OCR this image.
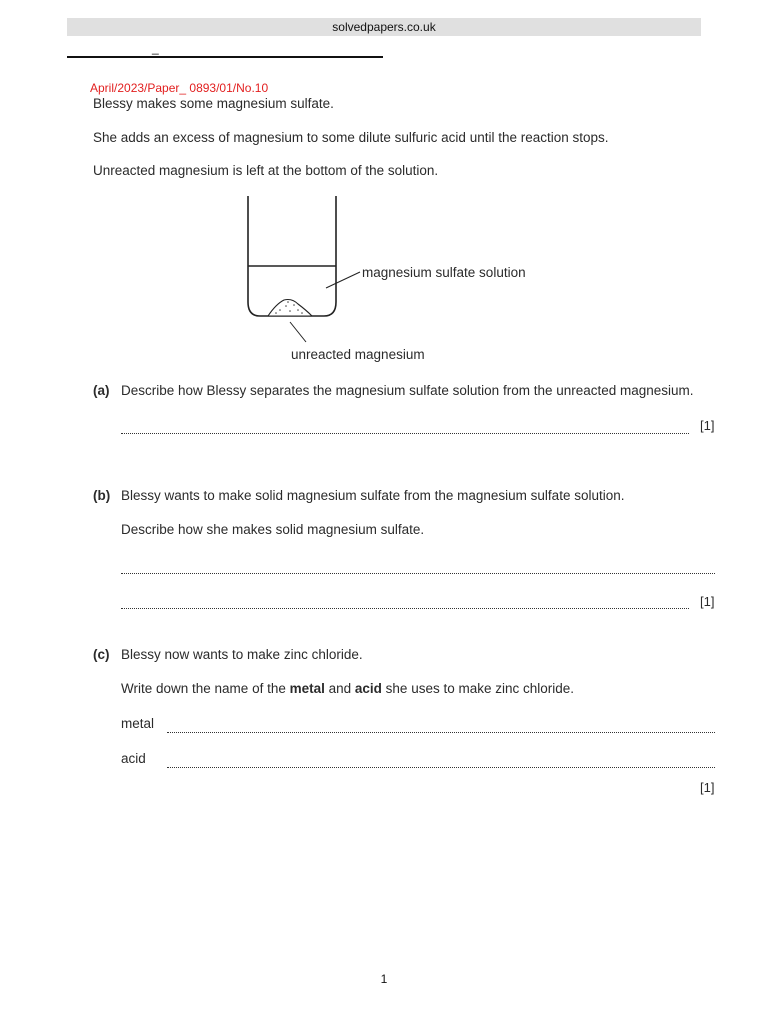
solvedpapers.co.uk
_
April/2023/Paper_ 0893/01/No.10
Blessy makes some magnesium sulfate.
She adds an excess of magnesium to some dilute sulfuric acid until the reaction stops.
Unreacted magnesium is left at the bottom of the solution.
magnesium sulfate solution
unreacted magnesium
(a) Describe how Blessy separates the magnesium sulfate solution from the unreacted magnesium.
[1]
(b) Blessy wants to make solid magnesium sulfate from the magnesium sulfate solution.
Describe how she makes solid magnesium sulfate.
[1]
(c) Blessy now wants to make zinc chloride.
Write down the name of the metal and acid she uses to make zinc chloride.
metal
acid
[1]
1
